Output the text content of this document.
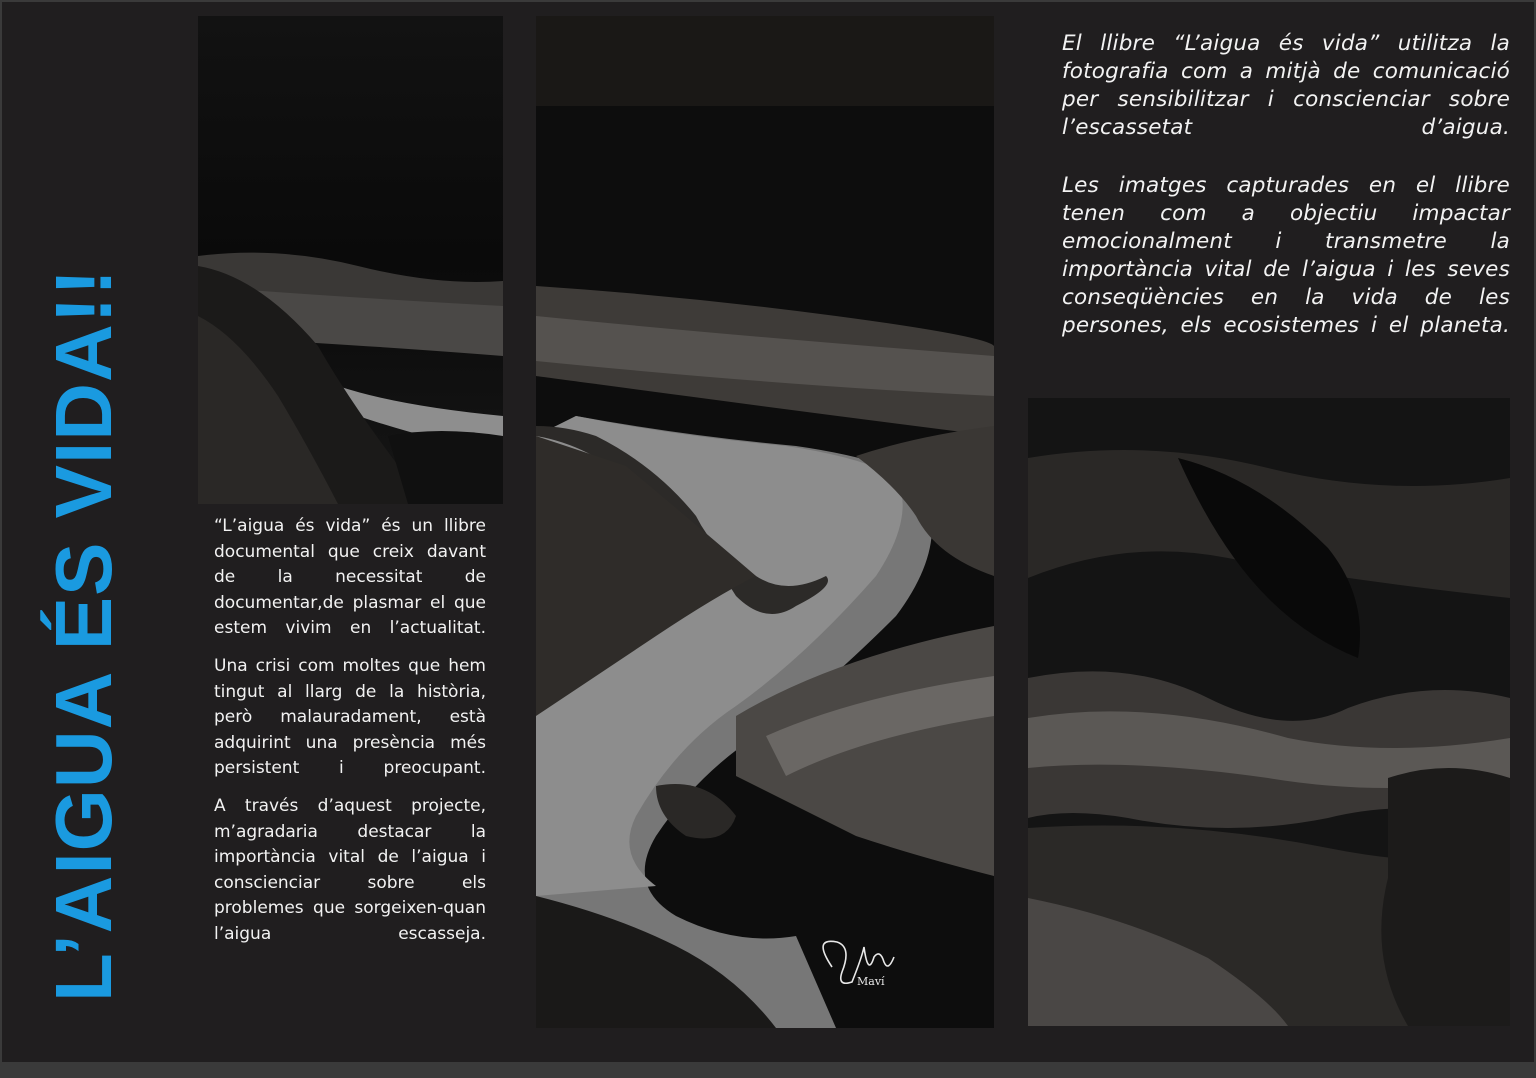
L’AIGUA ÉS VIDA!!	Maví

“L’aigua és vida” és un llibre documental que creix davant de la necessitat de documentar,de plasmar el que estem vivim en l’actualitat.

Una crisi com moltes que hem tingut al llarg de la història, però malauradament, està adquirint una presència més persistent i preocupant.

A través d’aquest projecte, m’agradaria destacar la importància vital de l’aigua i conscienciar sobre els problemes que sorgeixen-quan l’aigua escasseja.

El llibre “L’aigua és vida” utilitza la fotografia com a mitjà de comunicació per sensibilitzar i conscienciar sobre l’escassetat d’aigua.

Les imatges capturades en el llibre tenen com a objectiu impactar emocionalment i transmetre la importància vital de l’aigua i les seves conseqüències en la vida de les persones, els ecosistemes i el planeta.
